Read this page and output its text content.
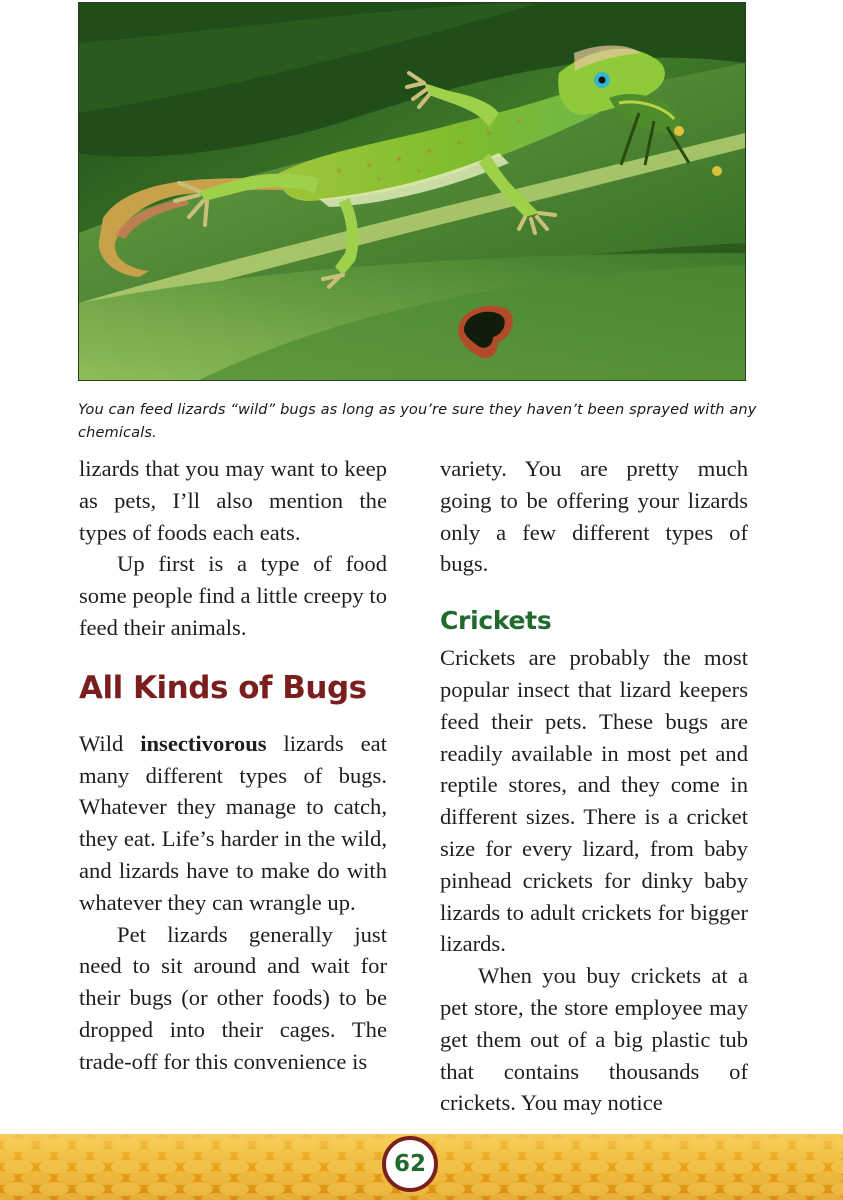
You can feed lizards “wild” bugs as long as you’re sure they haven’t been sprayed with any chemicals.

lizards that you may want to keep as pets, I’ll also mention the types of foods each eats.

Up first is a type of food some people find a little creepy to feed their animals.

All Kinds of Bugs

Wild insectivorous lizards eat many different types of bugs. Whatever they manage to catch, they eat. Life’s harder in the wild, and lizards have to make do with whatever they can wrangle up.

Pet lizards generally just need to sit around and wait for their bugs (or other foods) to be dropped into their cages. The trade-off for this convenience is

variety. You are pretty much going to be offering your lizards only a few different types of bugs.

Crickets

Crickets are probably the most popular insect that lizard keepers feed their pets. These bugs are readily available in most pet and reptile stores, and they come in different sizes. There is a cricket size for every lizard, from baby pinhead crickets for dinky baby lizards to adult crickets for bigger lizards.

When you buy crickets at a pet store, the store employee may get them out of a big plastic tub that contains thousands of crickets. You may notice

62
